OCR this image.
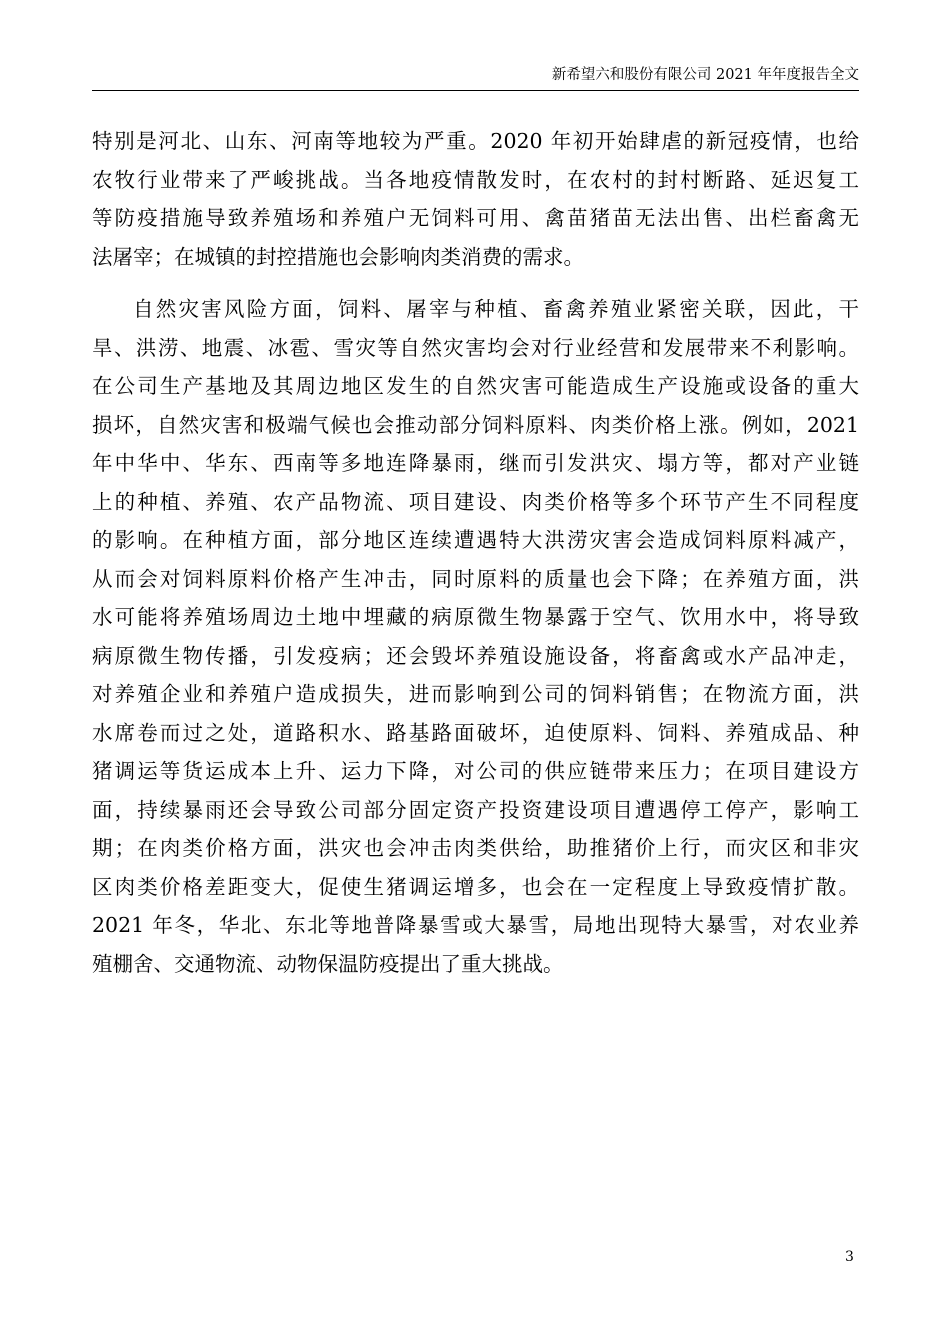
新希望六和股份有限公司 2021 年年度报告全文

特别是河北、山东、河南等地较为严重。2020 年初开始肆虐的新冠疫情，也给
农牧行业带来了严峻挑战。当各地疫情散发时，在农村的封村断路、延迟复工
等防疫措施导致养殖场和养殖户无饲料可用、禽苗猪苗无法出售、出栏畜禽无
法屠宰；在城镇的封控措施也会影响肉类消费的需求。

自然灾害风险方面，饲料、屠宰与种植、畜禽养殖业紧密关联，因此，干
旱、洪涝、地震、冰雹、雪灾等自然灾害均会对行业经营和发展带来不利影响。
在公司生产基地及其周边地区发生的自然灾害可能造成生产设施或设备的重大
损坏，自然灾害和极端气候也会推动部分饲料原料、肉类价格上涨。例如，2021
年中华中、华东、西南等多地连降暴雨，继而引发洪灾、塌方等，都对产业链
上的种植、养殖、农产品物流、项目建设、肉类价格等多个环节产生不同程度
的影响。在种植方面，部分地区连续遭遇特大洪涝灾害会造成饲料原料减产，
从而会对饲料原料价格产生冲击，同时原料的质量也会下降；在养殖方面，洪
水可能将养殖场周边土地中埋藏的病原微生物暴露于空气、饮用水中，将导致
病原微生物传播，引发疫病；还会毁坏养殖设施设备，将畜禽或水产品冲走，
对养殖企业和养殖户造成损失，进而影响到公司的饲料销售；在物流方面，洪
水席卷而过之处，道路积水、路基路面破坏，迫使原料、饲料、养殖成品、种
猪调运等货运成本上升、运力下降，对公司的供应链带来压力；在项目建设方
面，持续暴雨还会导致公司部分固定资产投资建设项目遭遇停工停产，影响工
期；在肉类价格方面，洪灾也会冲击肉类供给，助推猪价上行，而灾区和非灾
区肉类价格差距变大，促使生猪调运增多，也会在一定程度上导致疫情扩散。
2021 年冬，华北、东北等地普降暴雪或大暴雪，局地出现特大暴雪，对农业养
殖棚舍、交通物流、动物保温防疫提出了重大挑战。

3
